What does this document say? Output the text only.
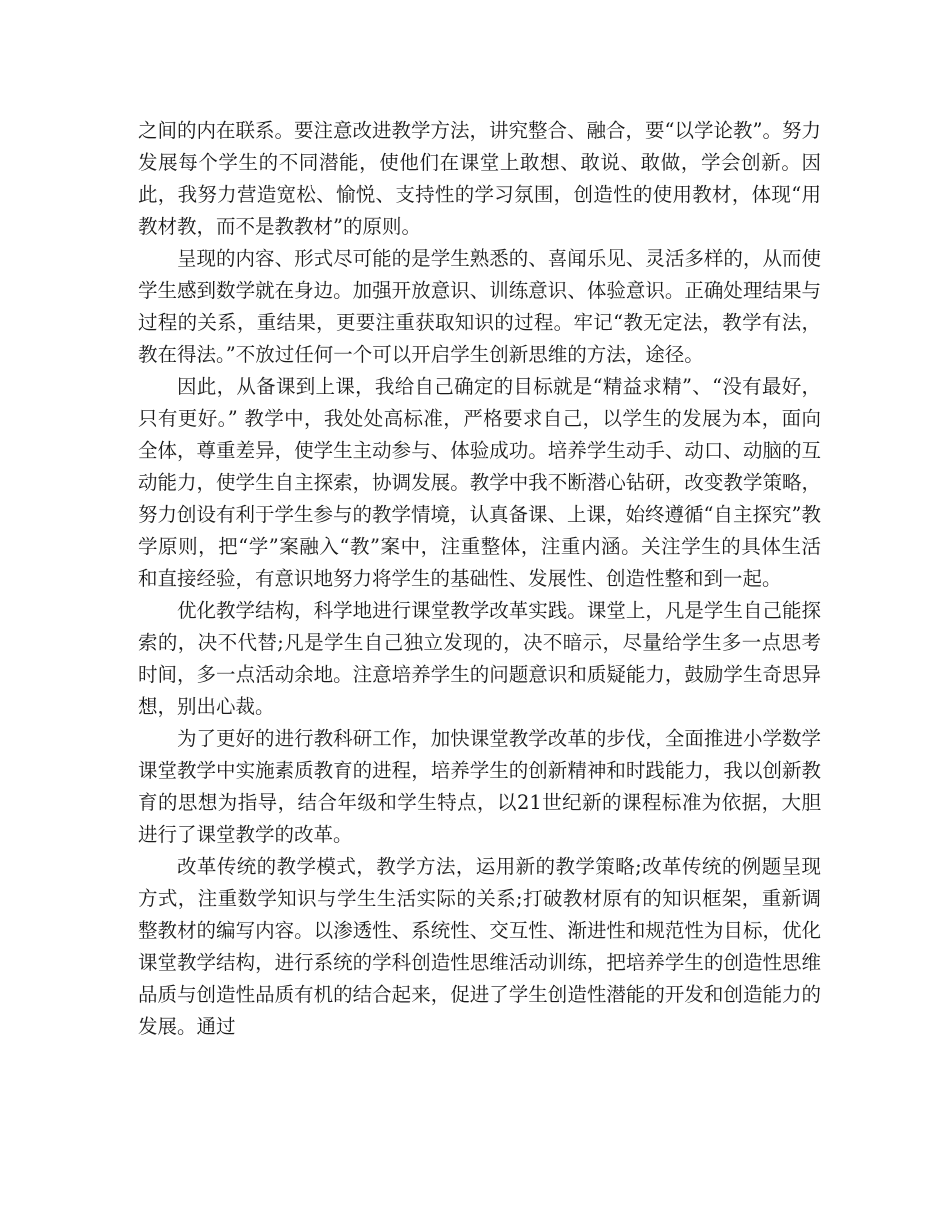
之间的内在联系。要注意改进教学方法，讲究整合、融合，要“以学论教”。努力发展每个学生的不同潜能，使他们在课堂上敢想、敢说、敢做，学会创新。因此，我努力营造宽松、愉悦、支持性的学习氛围，创造性的使用教材，体现“用教材教，而不是教教材”的原则。

呈现的内容、形式尽可能的是学生熟悉的、喜闻乐见、灵活多样的，从而使学生感到数学就在身边。加强开放意识、训练意识、体验意识。正确处理结果与过程的关系，重结果，更要注重获取知识的过程。牢记“教无定法，教学有法，教在得法。”不放过任何一个可以开启学生创新思维的方法，途径。

因此，从备课到上课，我给自己确定的目标就是“精益求精”、“没有最好，只有更好。” 教学中，我处处高标准，严格要求自己，以学生的发展为本，面向全体，尊重差异，使学生主动参与、体验成功。培养学生动手、动口、动脑的互动能力，使学生自主探索，协调发展。教学中我不断潜心钻研，改变教学策略，努力创设有利于学生参与的教学情境，认真备课、上课，始终遵循“自主探究”教学原则，把“学”案融入“教”案中，注重整体，注重内涵。关注学生的具体生活和直接经验，有意识地努力将学生的基础性、发展性、创造性整和到一起。

优化教学结构，科学地进行课堂教学改革实践。课堂上，凡是学生自己能探索的，决不代替;凡是学生自己独立发现的，决不暗示，尽量给学生多一点思考时间，多一点活动余地。注意培养学生的问题意识和质疑能力，鼓励学生奇思异想，别出心裁。

为了更好的进行教科研工作，加快课堂教学改革的步伐，全面推进小学数学课堂教学中实施素质教育的进程，培养学生的创新精神和时践能力，我以创新教育的思想为指导，结合年级和学生特点，以21世纪新的课程标准为依据，大胆进行了课堂教学的改革。

改革传统的教学模式，教学方法，运用新的教学策略;改革传统的例题呈现方式，注重数学知识与学生生活实际的关系;打破教材原有的知识框架，重新调整教材的编写内容。以渗透性、系统性、交互性、渐进性和规范性为目标，优化课堂教学结构，进行系统的学科创造性思维活动训练，把培养学生的创造性思维品质与创造性品质有机的结合起来，促进了学生创造性潜能的开发和创造能力的发展。通过
